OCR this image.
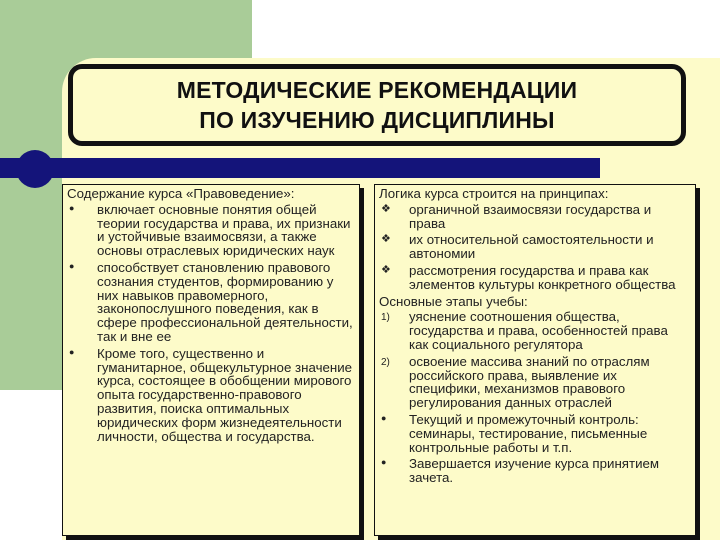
МЕТОДИЧЕСКИЕ РЕКОМЕНДАЦИИ
ПО ИЗУЧЕНИЮ ДИСЦИПЛИНЫ
Содержание курса «Правоведение»:
●
включает основные понятия общей теории государства и права, их признаки и устойчивые взаимосвязи, а также основы отраслевых юридических наук
●
способствует становлению правового сознания студентов, формированию у них навыков правомерного, законопослушного поведения, как в сфере профессиональной деятельности, так и вне ее
●
Кроме того, существенно и гуманитарное, общекультурное значение курса, состоящее в обобщении мирового опыта государственно-правового развития, поиска оптимальных юридических форм жизнедеятельности личности, общества и государства.
Логика курса строится на принципах:
❖
органичной взаимосвязи государства и права
❖
их относительной самостоятельности и автономии
❖
рассмотрения государства и права как элементов культуры конкретного общества
Основные этапы учебы:
1)	уяснение соотношения общества, государства и права, особенностей права как социального регулятора
2)	освоение массива знаний по отраслям российского права, выявление их специфики, механизмов правового регулирования данных отраслей
●
Текущий и промежуточный контроль: семинары, тестирование, письменные контрольные работы и т.п.
●
Завершается изучение курса принятием зачета.
